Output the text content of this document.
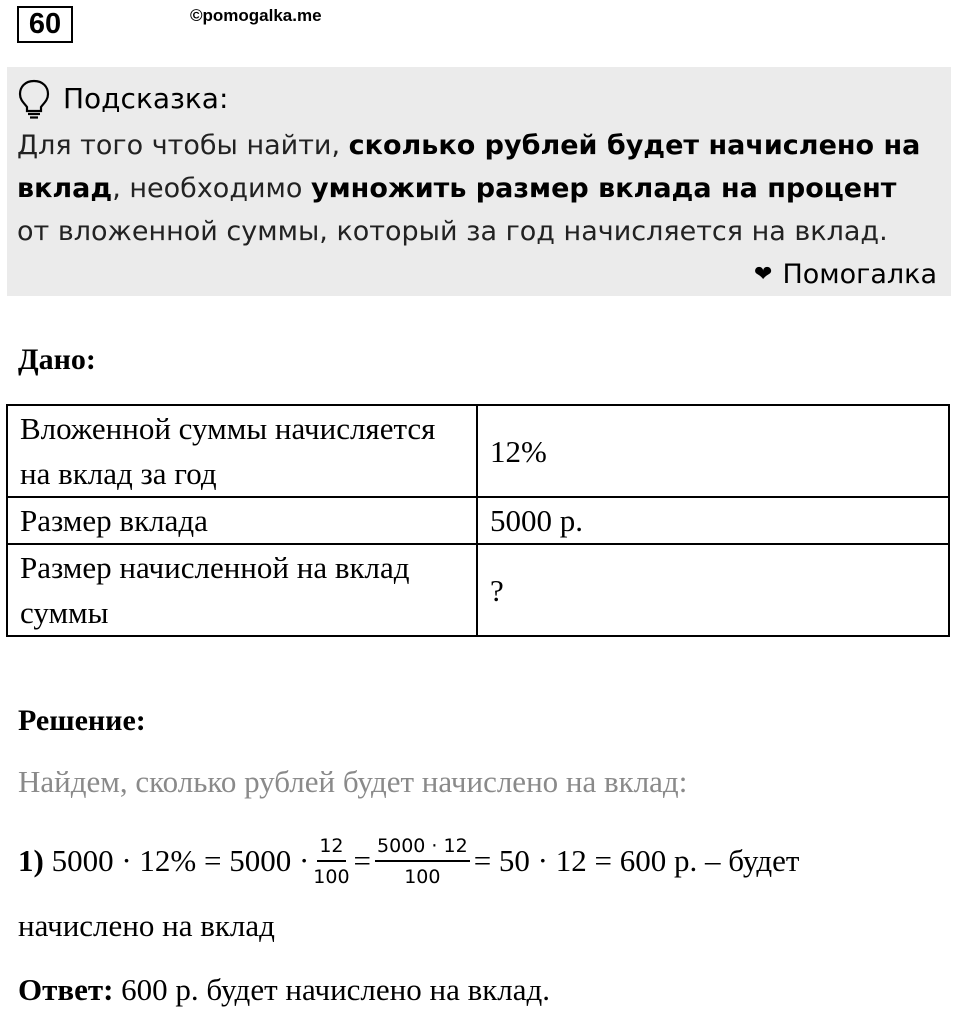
60	©pomogalka.me
Подсказка:
Для того чтобы найти, сколько рублей будет начислено на вклад, необходимо умножить размер вклада на процент от вложенной суммы, который за год начисляется на вклад.
❤ Помогалка
Дано:
Вложенной суммы начисляется на вклад за год	12%
Размер вклада	5000 р.
Размер начисленной на вклад суммы	?
Решение:
Найдем, сколько рублей будет начислено на вклад:
1)
$5000 \cdot 12\% = 5000 \cdot \frac{12}{100} = \frac{5000 \cdot 12}{100} = 50 \cdot 12 = 600$ р. – будет
начислено на вклад
Ответ: 600 р. будет начислено на вклад.
